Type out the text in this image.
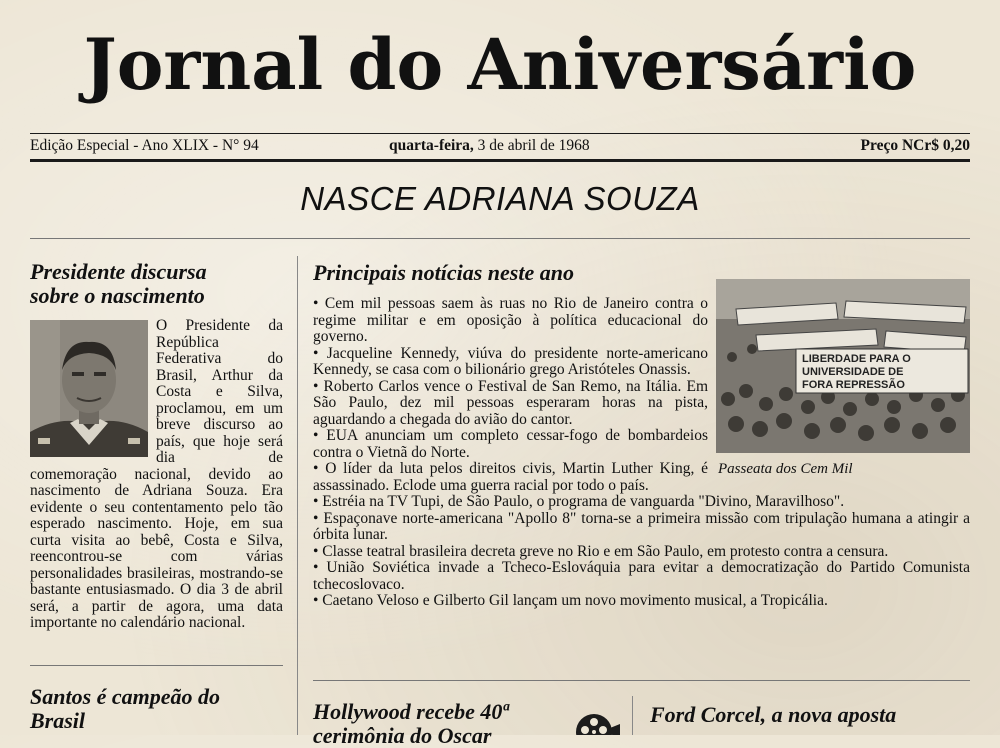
Jornal do Aniversário
Edição Especial - Ano XLIX - N° 94	quarta-feira, 3 de abril de 1968	Preço NCr$ 0,20
NASCE ADRIANA SOUZA
Presidente discursa
sobre o nascimento
O Presidente da República Federativa do Brasil, Arthur da Costa e Silva, proclamou, em um breve discurso ao país, que hoje será dia de comemoração nacional, devido ao nascimento de Adriana Souza. Era evidente o seu contentamento pelo tão esperado nascimento. Hoje, em sua curta visita ao bebê, Costa e Silva, reencontrou-se com várias personalidades brasileiras, mostrando-se bastante entusiasmado. O dia 3 de abril será, a partir de agora, uma data importante no calendário nacional.
Santos é campeão do
Brasil
Principais notícias neste ano
LIBERDADE PARA O
UNIVERSIDADE DE
FORA REPRESSÃO
Passeata dos Cem Mil
• Cem mil pessoas saem às ruas no Rio de Janeiro contra o regime militar e em oposição à política educacional do governo.
• Jacqueline Kennedy, viúva do presidente norte-americano Kennedy, se casa com o bilionário grego Aristóteles Onassis.
• Roberto Carlos vence o Festival de San Remo, na Itália. Em São Paulo, dez mil pessoas esperaram horas na pista, aguardando a chegada do avião do cantor.
• EUA anunciam um completo cessar-fogo de bombardeios contra o Vietnã do Norte.
• O líder da luta pelos direitos civis, Martin Luther King, é assassinado. Eclode uma guerra racial por todo o país.
• Estréia na TV Tupi, de São Paulo, o programa de vanguarda "Divino, Maravilhoso".
• Espaçonave norte-americana "Apollo 8" torna-se a primeira missão com tripulação humana a atingir a órbita lunar.
• Classe teatral brasileira decreta greve no Rio e em São Paulo, em protesto contra a censura.
• União Soviética invade a Tcheco-Eslováquia para evitar a democratização do Partido Comunista tchecoslovaco.
• Caetano Veloso e Gilberto Gil lançam um novo movimento musical, a Tropicália.
Hollywood recebe 40ª
cerimônia do Oscar
Ford Corcel, a nova aposta
